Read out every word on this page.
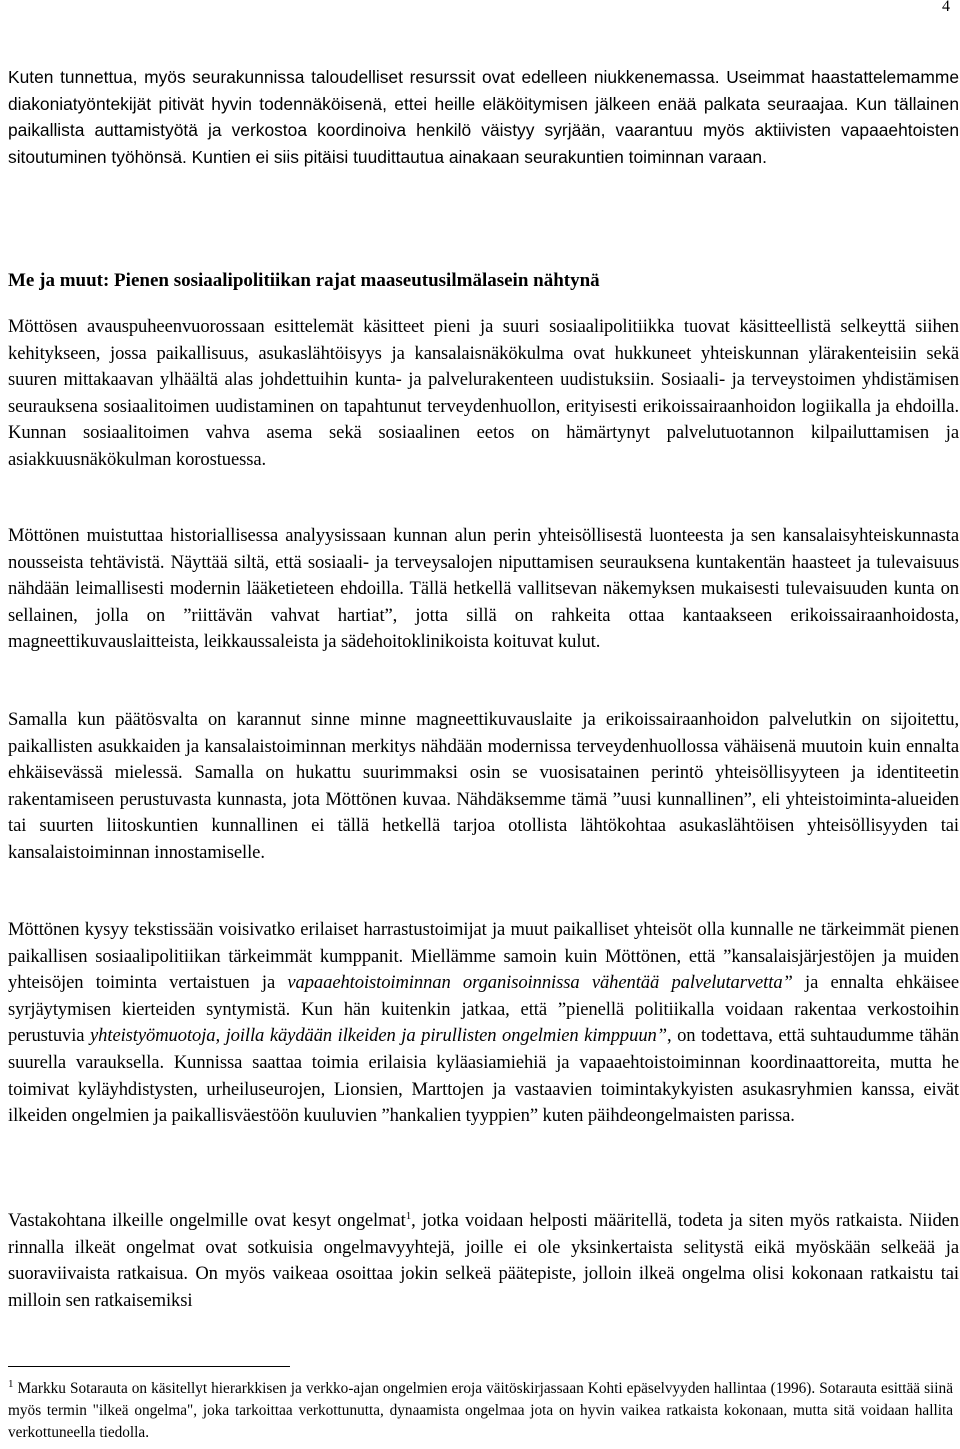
4

Kuten tunnettua, myös seurakunnissa taloudelliset resurssit ovat edelleen niukkenemassa. Useimmat haastattelemamme diakoniatyöntekijät pitivät hyvin todennäköisenä, ettei heille eläköitymisen jälkeen enää palkata seuraajaa. Kun tällainen paikallista auttamistyötä ja verkostoa koordinoiva henkilö väistyy syrjään, vaarantuu myös aktiivisten vapaaehtoisten sitoutuminen työhönsä. Kuntien ei siis pitäisi tuudittautua ainakaan seurakuntien toiminnan varaan.

Me ja muut: Pienen sosiaalipolitiikan rajat maaseutusilmälasein nähtynä

Möttösen avauspuheenvuorossaan esittelemät käsitteet pieni ja suuri sosiaalipolitiikka tuovat käsitteellistä selkeyttä siihen kehitykseen, jossa paikallisuus, asukaslähtöisyys ja kansalaisnäkökulma ovat hukkuneet yhteiskunnan ylärakenteisiin sekä suuren mittakaavan ylhäältä alas johdettuihin kunta- ja palvelurakenteen uudistuksiin. Sosiaali- ja terveystoimen yhdistämisen seurauksena sosiaalitoimen uudistaminen on tapahtunut terveydenhuollon, erityisesti erikoissairaanhoidon logiikalla ja ehdoilla. Kunnan sosiaalitoimen vahva asema sekä sosiaalinen eetos on hämärtynyt palvelutuotannon kilpailuttamisen ja asiakkuusnäkökulman korostuessa.

Möttönen muistuttaa historiallisessa analyysissaan kunnan alun perin yhteisöllisestä luonteesta ja sen kansalaisyhteiskunnasta nousseista tehtävistä. Näyttää siltä, että sosiaali- ja terveysalojen niputtamisen seurauksena kuntakentän haasteet ja tulevaisuus nähdään leimallisesti modernin lääketieteen ehdoilla. Tällä hetkellä vallitsevan näkemyksen mukaisesti tulevaisuuden kunta on sellainen, jolla on ”riittävän vahvat hartiat”, jotta sillä on rahkeita ottaa kantaakseen erikoissairaanhoidosta, magneettikuvauslaitteista, leikkaussaleista ja sädehoitoklinikoista koituvat kulut.

Samalla kun päätösvalta on karannut sinne minne magneettikuvauslaite ja erikoissairaanhoidon palvelutkin on sijoitettu, paikallisten asukkaiden ja kansalaistoiminnan merkitys nähdään modernissa terveydenhuollossa vähäisenä muutoin kuin ennalta ehkäisevässä mielessä. Samalla on hukattu suurimmaksi osin se vuosisatainen perintö yhteisöllisyyteen ja identiteetin rakentamiseen perustuvasta kunnasta, jota Möttönen kuvaa. Nähdäksemme tämä ”uusi kunnallinen”, eli yhteistoiminta-alueiden tai suurten liitoskuntien kunnallinen ei tällä hetkellä tarjoa otollista lähtökohtaa asukaslähtöisen yhteisöllisyyden tai kansalaistoiminnan innostamiselle.

Möttönen kysyy tekstissään voisivatko erilaiset harrastustoimijat ja muut paikalliset yhteisöt olla kunnalle ne tärkeimmät pienen paikallisen sosiaalipolitiikan tärkeimmät kumppanit. Miellämme samoin kuin Möttönen, että ”kansalaisjärjestöjen ja muiden yhteisöjen toiminta vertaistuen ja vapaaehtoistoiminnan organisoinnissa vähentää palvelutarvetta” ja ennalta ehkäisee syrjäytymisen kierteiden syntymistä. Kun hän kuitenkin jatkaa, että ”pienellä politiikalla voidaan rakentaa verkostoihin perustuvia yhteistyömuotoja, joilla käydään ilkeiden ja pirullisten ongelmien kimppuun”, on todettava, että suhtaudumme tähän suurella varauksella. Kunnissa saattaa toimia erilaisia kyläasiamiehiä ja vapaaehtoistoiminnan koordinaattoreita, mutta he toimivat kyläyhdistysten, urheiluseurojen, Lionsien, Marttojen ja vastaavien toimintakykyisten asukasryhmien kanssa, eivät ilkeiden ongelmien ja paikallisväestöön kuuluvien ”hankalien tyyppien” kuten päihdeongelmaisten parissa.

Vastakohtana ilkeille ongelmille ovat kesyt ongelmat$^1$, jotka voidaan helposti määritellä, todeta ja siten myös ratkaista. Niiden rinnalla ilkeät ongelmat ovat sotkuisia ongelmavyyhtejä, joille ei ole yksinkertaista selitystä eikä myöskään selkeää ja suoraviivaista ratkaisua. On myös vaikeaa osoittaa jokin selkeä päätepiste, jolloin ilkeä ongelma olisi kokonaan ratkaistu tai milloin sen ratkaisemiksi

$^1$ Markku Sotarauta on käsitellyt hierarkkisen ja verkko-ajan ongelmien eroja väitöskirjassaan Kohti epäselvyyden hallintaa (1996). Sotarauta esittää siinä myös termin "ilkeä ongelma", joka tarkoittaa verkottunutta, dynaamista ongelmaa jota on hyvin vaikea ratkaista kokonaan, mutta sitä voidaan hallita verkottuneella tiedolla.
